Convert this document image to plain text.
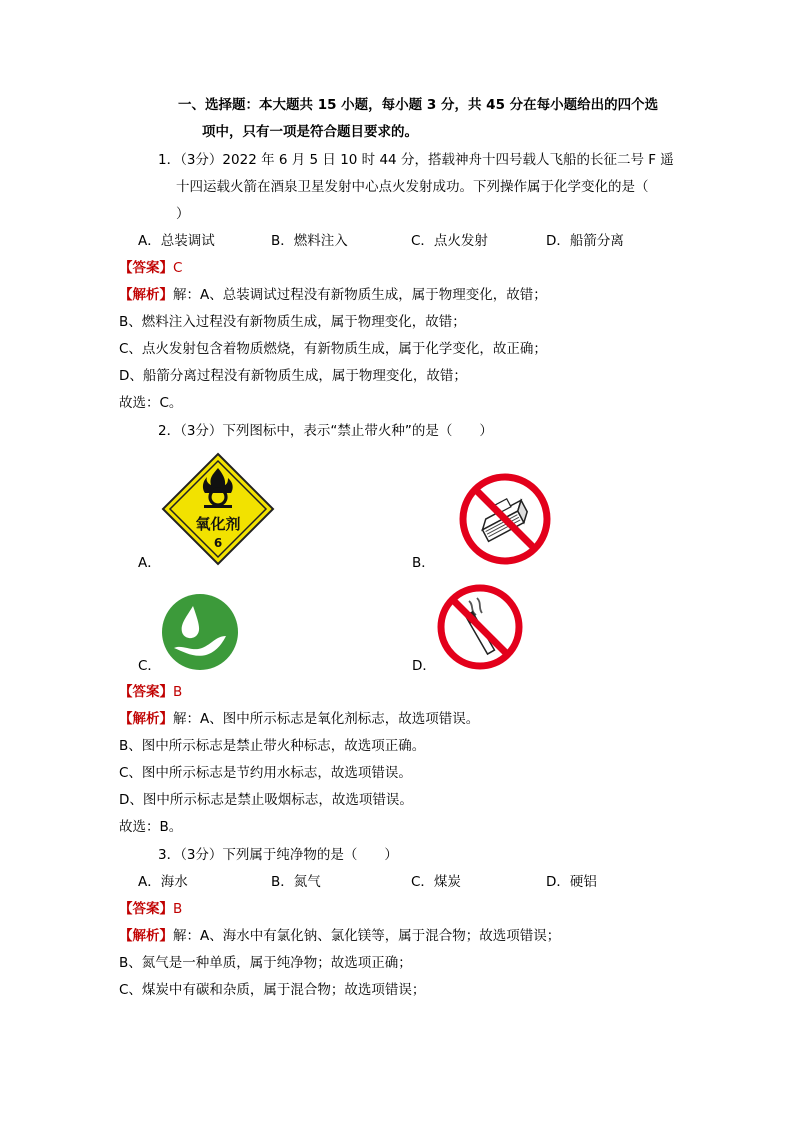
一、选择题：本大题共 15 小题，每小题 3 分，共 45 分在每小题给出的四个选
项中，只有一项是符合题目要求的。
1．（3分）2022 年 6 月 5 日 10 时 44 分，搭载神舟十四号载人飞船的长征二号 F 遥
十四运载火箭在酒泉卫星发射中心点火发射成功。下列操作属于化学变化的是（
）
A．总装调试	B．燃料注入	C．点火发射	D．船箭分离
【答案】C
【解析】解：A、总装调试过程没有新物质生成，属于物理变化，故错；
B、燃料注入过程没有新物质生成，属于物理变化，故错；
C、点火发射包含着物质燃烧，有新物质生成，属于化学变化，故正确；
D、船箭分离过程没有新物质生成，属于物理变化，故错；
故选：C。
2．（3分）下列图标中，表示“禁止带火种”的是（　　）
氧化剂
6
A．	B．
C．	D．
【答案】B
【解析】解：A、图中所示标志是氧化剂标志，故选项错误。
B、图中所示标志是禁止带火种标志，故选项正确。
C、图中所示标志是节约用水标志，故选项错误。
D、图中所示标志是禁止吸烟标志，故选项错误。
故选：B。
3．（3分）下列属于纯净物的是（　　）
A．海水	B．氮气	C．煤炭	D．硬铝
【答案】B
【解析】解：A、海水中有氯化钠、氯化镁等，属于混合物；故选项错误；
B、氮气是一种单质，属于纯净物；故选项正确；
C、煤炭中有碳和杂质，属于混合物；故选项错误；
